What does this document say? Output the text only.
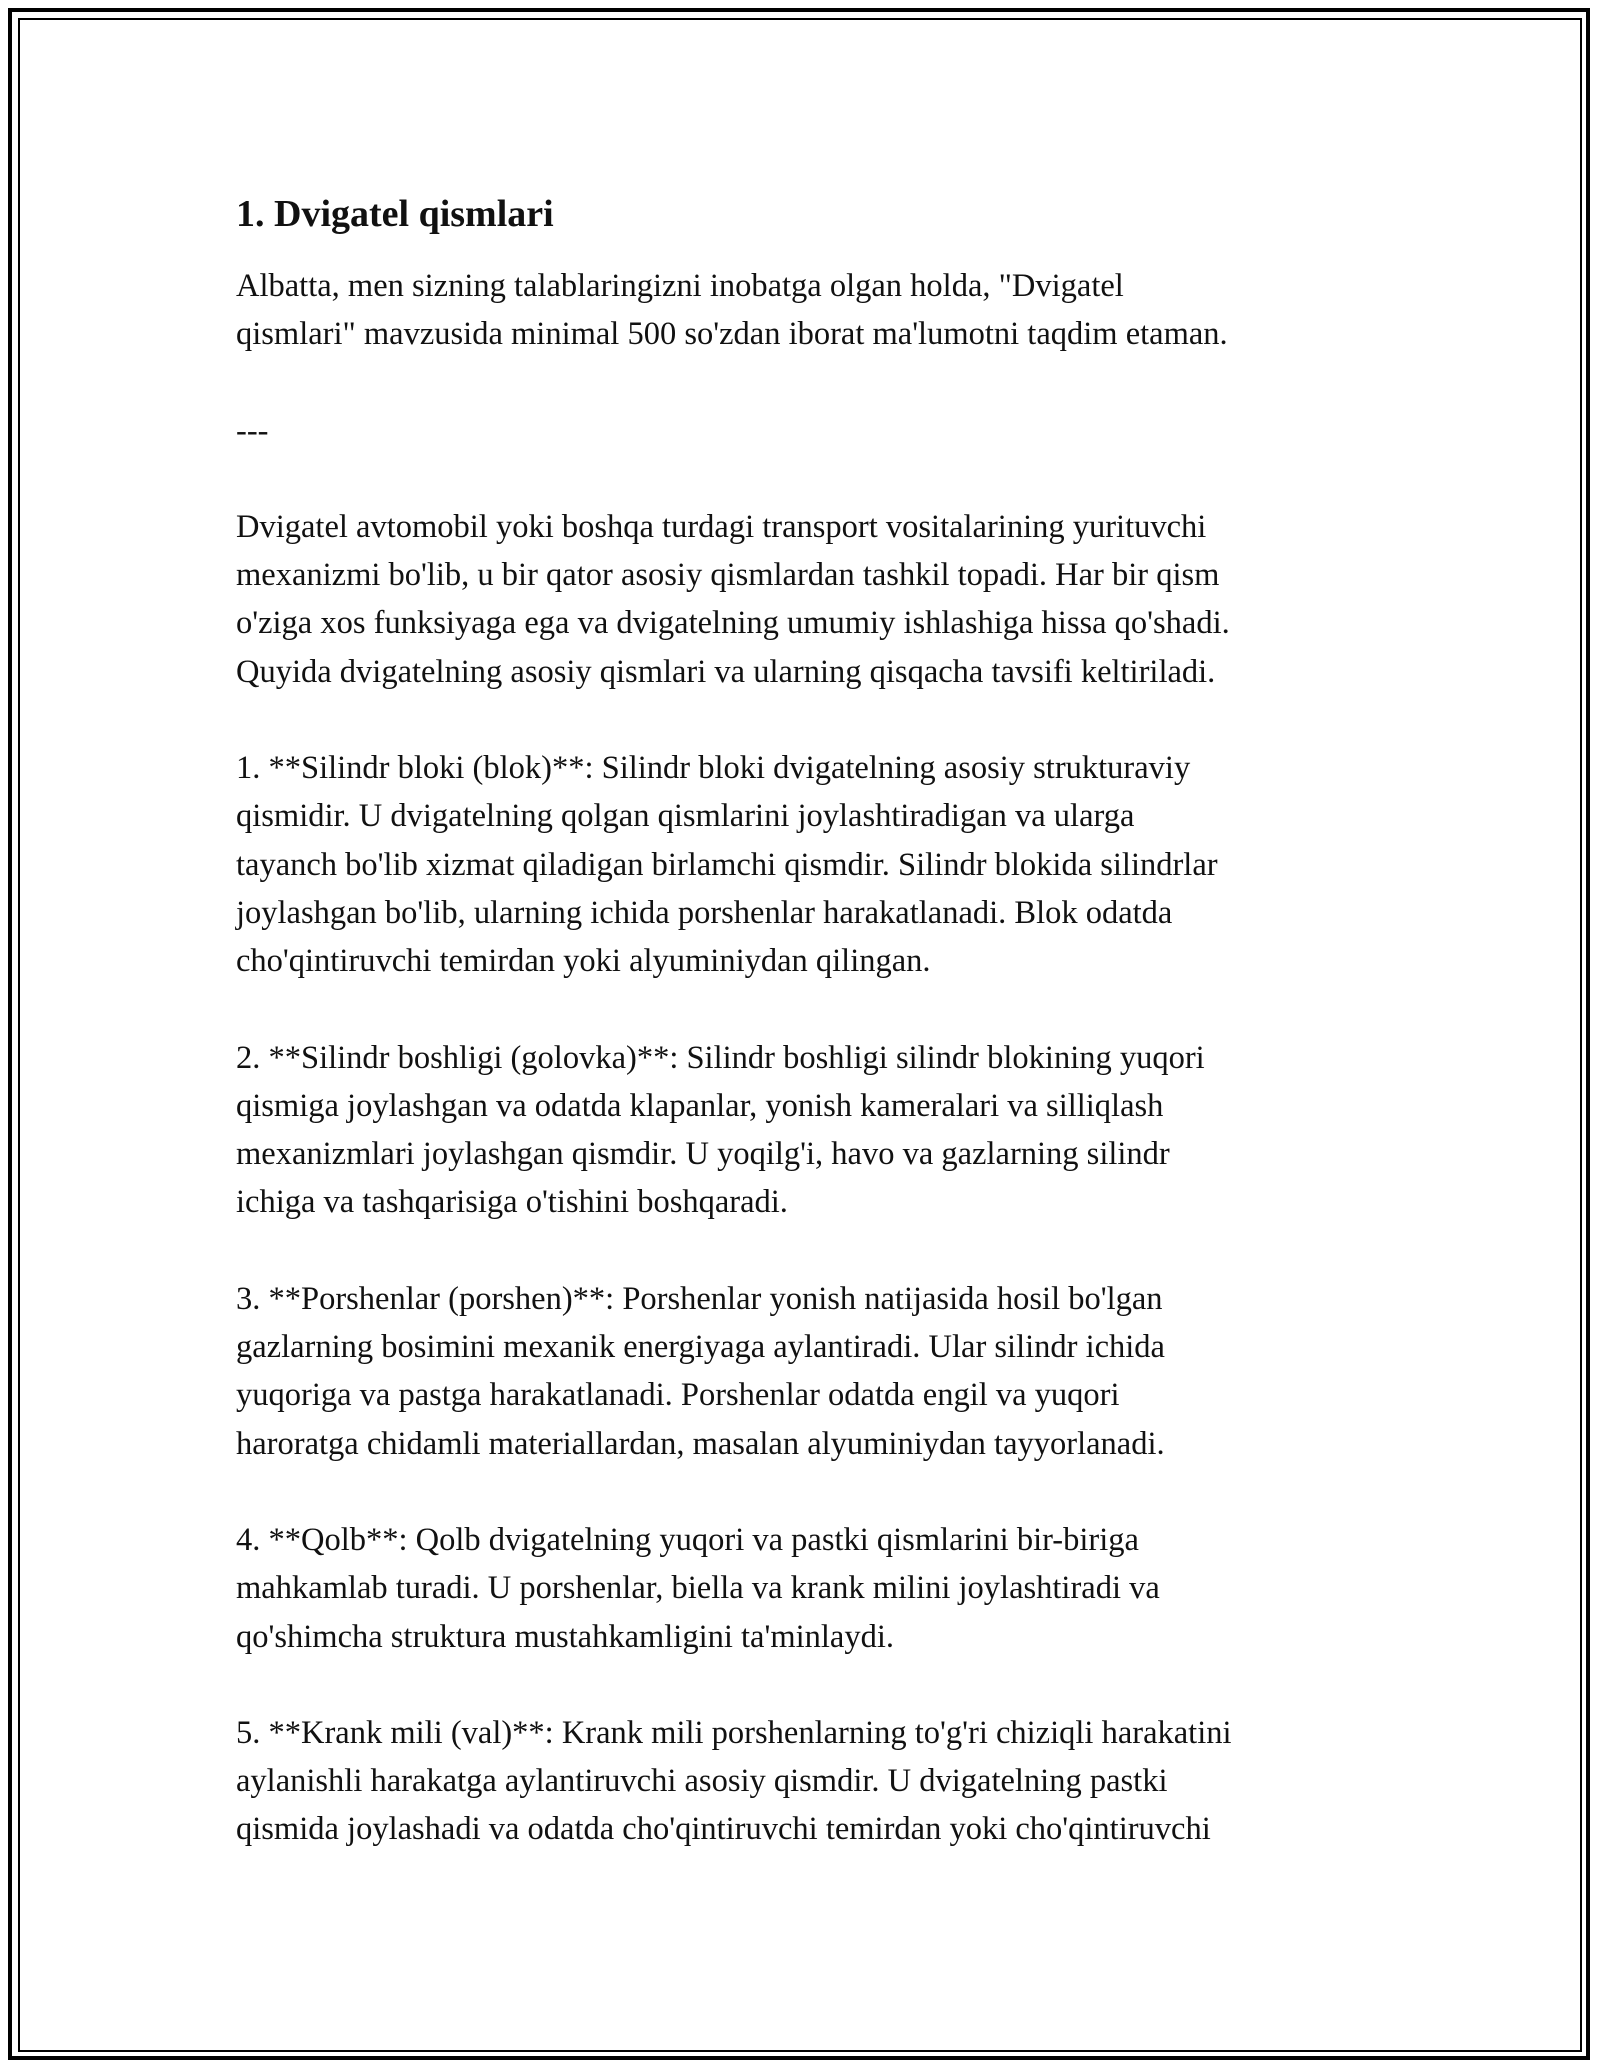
1. Dvigatel qismlari

Albatta, men sizning talablaringizni inobatga olgan holda, "Dvigatel
qismlari" mavzusida minimal 500 so'zdan iborat ma'lumotni taqdim etaman.

---

Dvigatel avtomobil yoki boshqa turdagi transport vositalarining yurituvchi
mexanizmi bo'lib, u bir qator asosiy qismlardan tashkil topadi. Har bir qism
o'ziga xos funksiyaga ega va dvigatelning umumiy ishlashiga hissa qo'shadi.
Quyida dvigatelning asosiy qismlari va ularning qisqacha tavsifi keltiriladi.

1. **Silindr bloki (blok)**: Silindr bloki dvigatelning asosiy strukturaviy
qismidir. U dvigatelning qolgan qismlarini joylashtiradigan va ularga
tayanch bo'lib xizmat qiladigan birlamchi qismdir. Silindr blokida silindrlar
joylashgan bo'lib, ularning ichida porshenlar harakatlanadi. Blok odatda
cho'qintiruvchi temirdan yoki alyuminiydan qilingan.

2. **Silindr boshligi (golovka)**: Silindr boshligi silindr blokining yuqori
qismiga joylashgan va odatda klapanlar, yonish kameralari va silliqlash
mexanizmlari joylashgan qismdir. U yoqilg'i, havo va gazlarning silindr
ichiga va tashqarisiga o'tishini boshqaradi.

3. **Porshenlar (porshen)**: Porshenlar yonish natijasida hosil bo'lgan
gazlarning bosimini mexanik energiyaga aylantiradi. Ular silindr ichida
yuqoriga va pastga harakatlanadi. Porshenlar odatda engil va yuqori
haroratga chidamli materiallardan, masalan alyuminiydan tayyorlanadi.

4. **Qolb**: Qolb dvigatelning yuqori va pastki qismlarini bir-biriga
mahkamlab turadi. U porshenlar, biella va krank milini joylashtiradi va
qo'shimcha struktura mustahkamligini ta'minlaydi.

5. **Krank mili (val)**: Krank mili porshenlarning to'g'ri chiziqli harakatini
aylanishli harakatga aylantiruvchi asosiy qismdir. U dvigatelning pastki
qismida joylashadi va odatda cho'qintiruvchi temirdan yoki cho'qintiruvchi
